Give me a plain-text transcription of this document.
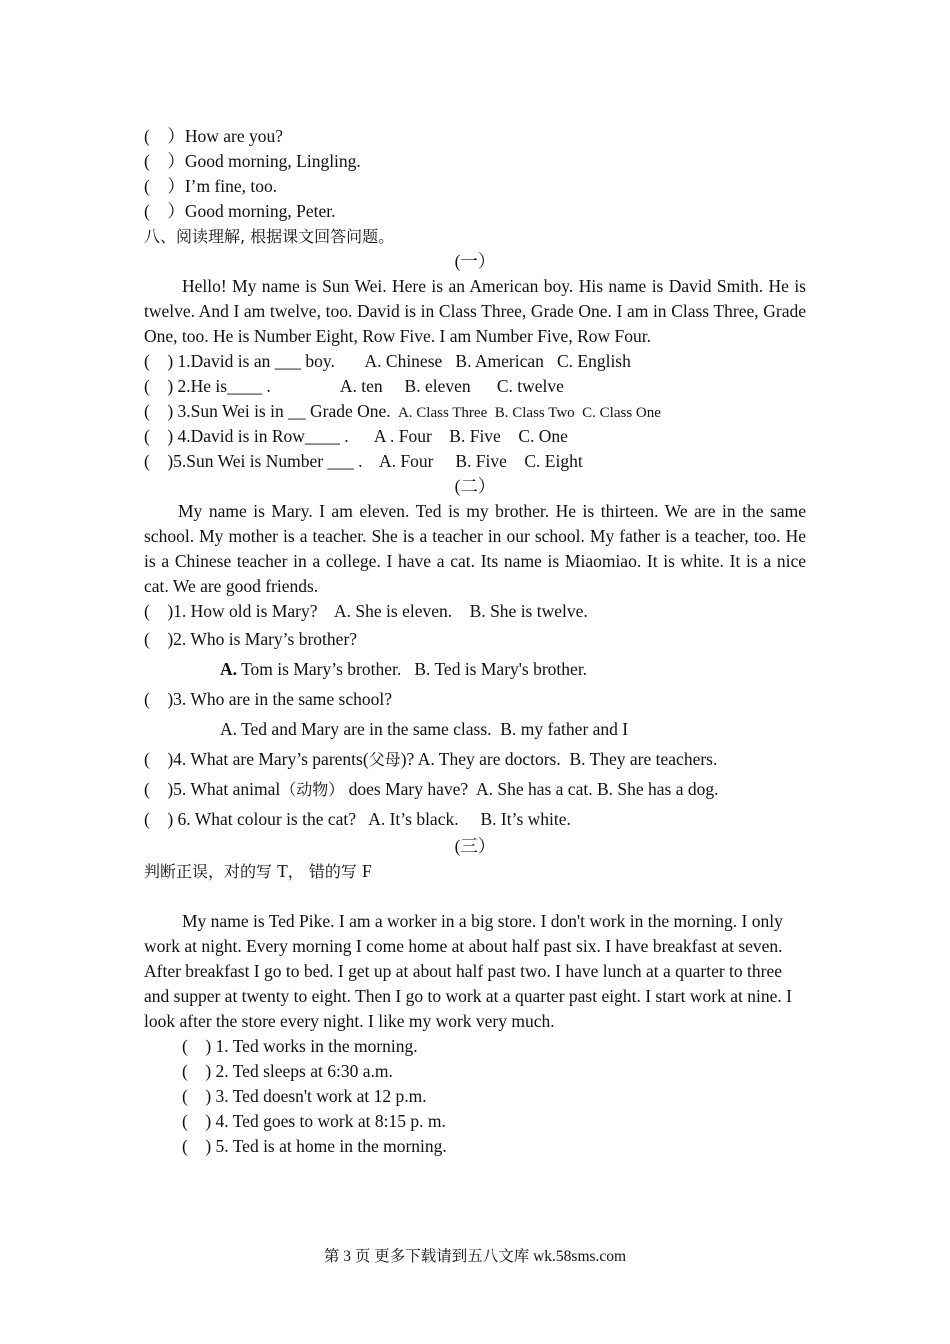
(    ）How are you?
(    ）Good morning, Lingling.
(    ）I’m fine, too.
(    ）Good morning, Peter.
八、阅读理解, 根据课文回答问题。
(一）
Hello! My name is Sun Wei. Here is an American boy. His name is David Smith. He is twelve. And I am twelve, too. David is in Class Three, Grade One. I am in Class Three, Grade One, too. He is Number Eight, Row Five. I am Number Five, Row Four.
(    ) 1.David is an ___ boy.       A. Chinese   B. American   C. English
(    ) 2.He is____ .                A. ten     B. eleven      C. twelve
(    ) 3.Sun Wei is in __ Grade One.  A. Class Three  B. Class Two  C. Class One
(    ) 4.David is in Row____ .      A . Four    B. Five    C. One
(    )5.Sun Wei is Number ___ .    A. Four     B. Five    C. Eight
(二）
My name is Mary. I am eleven. Ted is my brother. He is thirteen. We are in the same school. My mother is a teacher. She is a teacher in our school. My father is a teacher, too. He is a Chinese teacher in a college. I have a cat. Its name is Miaomiao. It is white. It is a nice cat. We are good friends.
(    )1. How old is Mary?    A. She is eleven.    B. She is twelve.
(    )2. Who is Mary’s brother?
A. Tom is Mary’s brother.   B. Ted is Mary's brother.
(    )3. Who are in the same school?
A. Ted and Mary are in the same class.  B. my father and I
(    )4. What are Mary’s parents(父母)? A. They are doctors.  B. They are teachers.
(    )5. What animal（动物） does Mary have?  A. She has a cat. B. She has a dog.
(    ) 6. What colour is the cat?   A. It’s black.     B. It’s white.
(三）
判断正误，对的写 T， 错的写 F
My name is Ted Pike. I am a worker in a big store. I don't work in the morning. I only work at night. Every morning I come home at about half past six. I have breakfast at seven. After breakfast I go to bed. I get up at about half past two. I have lunch at a quarter to three and supper at twenty to eight. Then I go to work at a quarter past eight. I start work at nine. I look after the store every night. I like my work very much.
(    ) 1. Ted works in the morning.
(    ) 2. Ted sleeps at 6:30 a.m.
(    ) 3. Ted doesn't work at 12 p.m.
(    ) 4. Ted goes to work at 8:15 p. m.
(    ) 5. Ted is at home in the morning.
第 3 页 更多下载请到五八文库 wk.58sms.com
